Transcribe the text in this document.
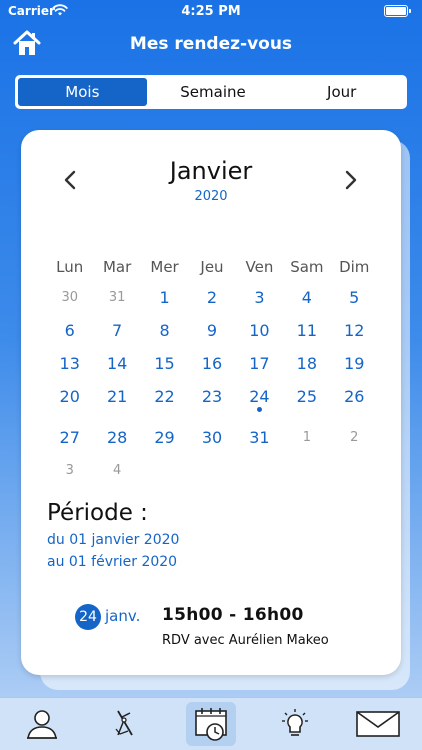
Carrier	4:25 PM
Mes rendez-vous
Mois	Semaine	Jour
Janvier
2020
Lun	Mar	Mer	Jeu	Ven	Sam	Dim
30 31 1 2 3 4 5
6 7 8 9 10 11 12
13 14 15 16 17 18 19
20 21 22 23 24 25 26
27 28 29 30 31	1	2
3	4
Période :
du 01 janvier 2020
au 01 février 2020
24 janv. 15h00 - 16h00
RDV avec Aurélien Makeo
